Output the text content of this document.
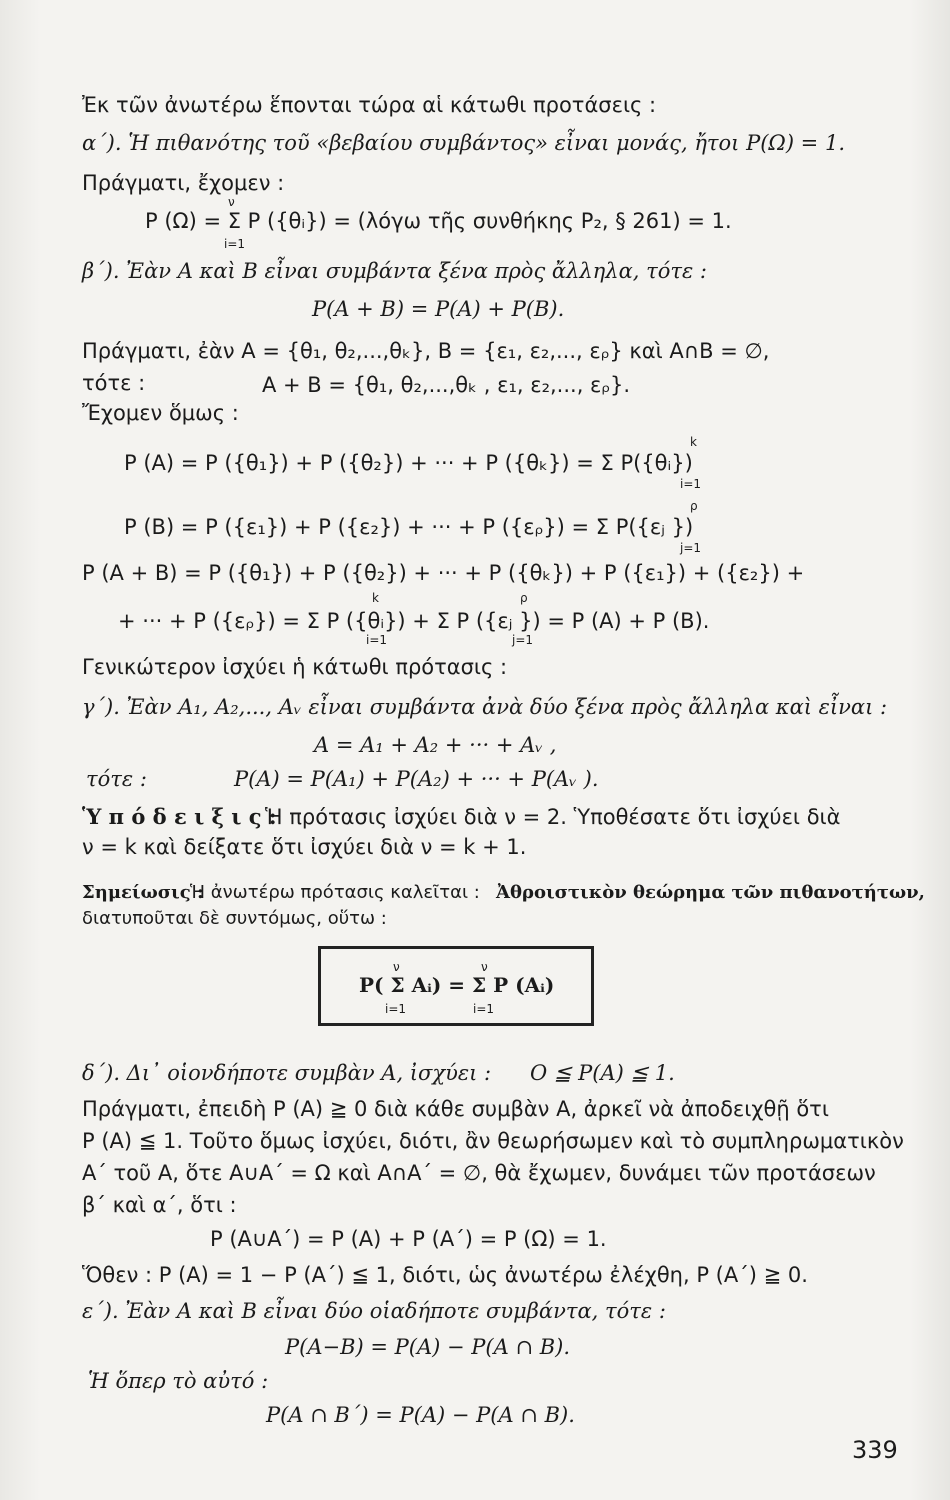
Ἐκ τῶν ἀνωτέρω ἕπονται τώρα αἱ κάτωθι προτάσεις :
α΄). Ἡ πιθανότης τοῦ «βεβαίου συμβάντος» εἶναι μονάς, ἤτοι P(Ω) = 1.
Πράγματι, ἔχομεν :
P (Ω) = Σ P ({θᵢ}) = (λόγω τῆς συνθήκης P₂, § 261) = 1.
ν
i=1
β΄). Ἐὰν A καὶ B εἶναι συμβάντα ξένα πρὸς ἄλληλα, τότε :
P(A + B) = P(A) + P(B).
Πράγματι, ἐὰν A = {θ₁, θ₂,...,θₖ}, B = {ε₁, ε₂,..., εᵨ} καὶ A∩B = ∅,
τότε :	A + B = {θ₁, θ₂,...,θₖ , ε₁, ε₂,..., εᵨ}.
Ἔχομεν ὅμως :
P (A) = P ({θ₁}) + P ({θ₂}) + ··· + P ({θₖ}) = Σ P({θᵢ})
k
i=1
P (B) = P ({ε₁}) + P ({ε₂}) + ··· + P ({εᵨ}) = Σ P({εⱼ })
ρ
j=1
P (A + B) = P ({θ₁}) + P ({θ₂}) + ··· + P ({θₖ}) + P ({ε₁}) + ({ε₂}) +
+ ··· + P ({εᵨ}) = Σ P ({θᵢ}) + Σ P ({εⱼ }) = P (A) + P (B).
k
i=1
ρ
j=1
Γενικώτερον ἰσχύει ἡ κάτωθι πρότασις :
γ΄). Ἐὰν A₁, A₂,..., Aᵥ εἶναι συμβάντα ἀνὰ δύο ξένα πρὸς ἄλληλα καὶ εἶναι :
A = A₁ + A₂ + ··· + Aᵥ ,
τότε :	P(A) = P(A₁) + P(A₂) + ··· + P(Aᵥ ).
Ὑ π ό δ ε ι ξ ι ς :
Ἡ πρότασις ἰσχύει διὰ ν = 2. Ὑποθέσατε ὅτι ἰσχύει διὰ
ν = k καὶ δείξατε ὅτι ἰσχύει διὰ ν = k + 1.
Σημείωσις :
Ἡ ἀνωτέρω πρότασις καλεῖται : Ἀθροιστικὸν θεώρημα τῶν πιθανοτήτων,
διατυποῦται δὲ συντόμως, οὕτω :
P( Σ Aᵢ) = Σ P (Aᵢ)
ν
i=1
ν
i=1
δ΄). Δι᾽ οἱονδήποτε συμβὰν A, ἰσχύει : O ≦ P(A) ≦ 1.
Πράγματι, ἐπειδὴ P (A) ≧ 0 διὰ κάθε συμβὰν A, ἀρκεῖ νὰ ἀποδειχθῇ ὅτι
P (A) ≦ 1. Τοῦτο ὅμως ἰσχύει, διότι, ἂν θεωρήσωμεν καὶ τὸ συμπληρωματικὸν
A΄ τοῦ A, ὅτε A∪A΄ = Ω καὶ A∩A΄ = ∅, θὰ ἔχωμεν, δυνάμει τῶν προτάσεων
β΄ καὶ α΄, ὅτι :
P (A∪A΄) = P (A) + P (A΄) = P (Ω) = 1.
Ὅθεν : P (A) = 1 − P (A΄) ≦ 1, διότι, ὡς ἀνωτέρω ἐλέχθη, P (A΄) ≧ 0.
ε΄). Ἐὰν A καὶ B εἶναι δύο οἱαδήποτε συμβάντα, τότε :
P(A−B) = P(A) − P(A ∩ B).
Ἡ ὅπερ τὸ αὐτό :
P(A ∩ B΄) = P(A) − P(A ∩ B).
339
